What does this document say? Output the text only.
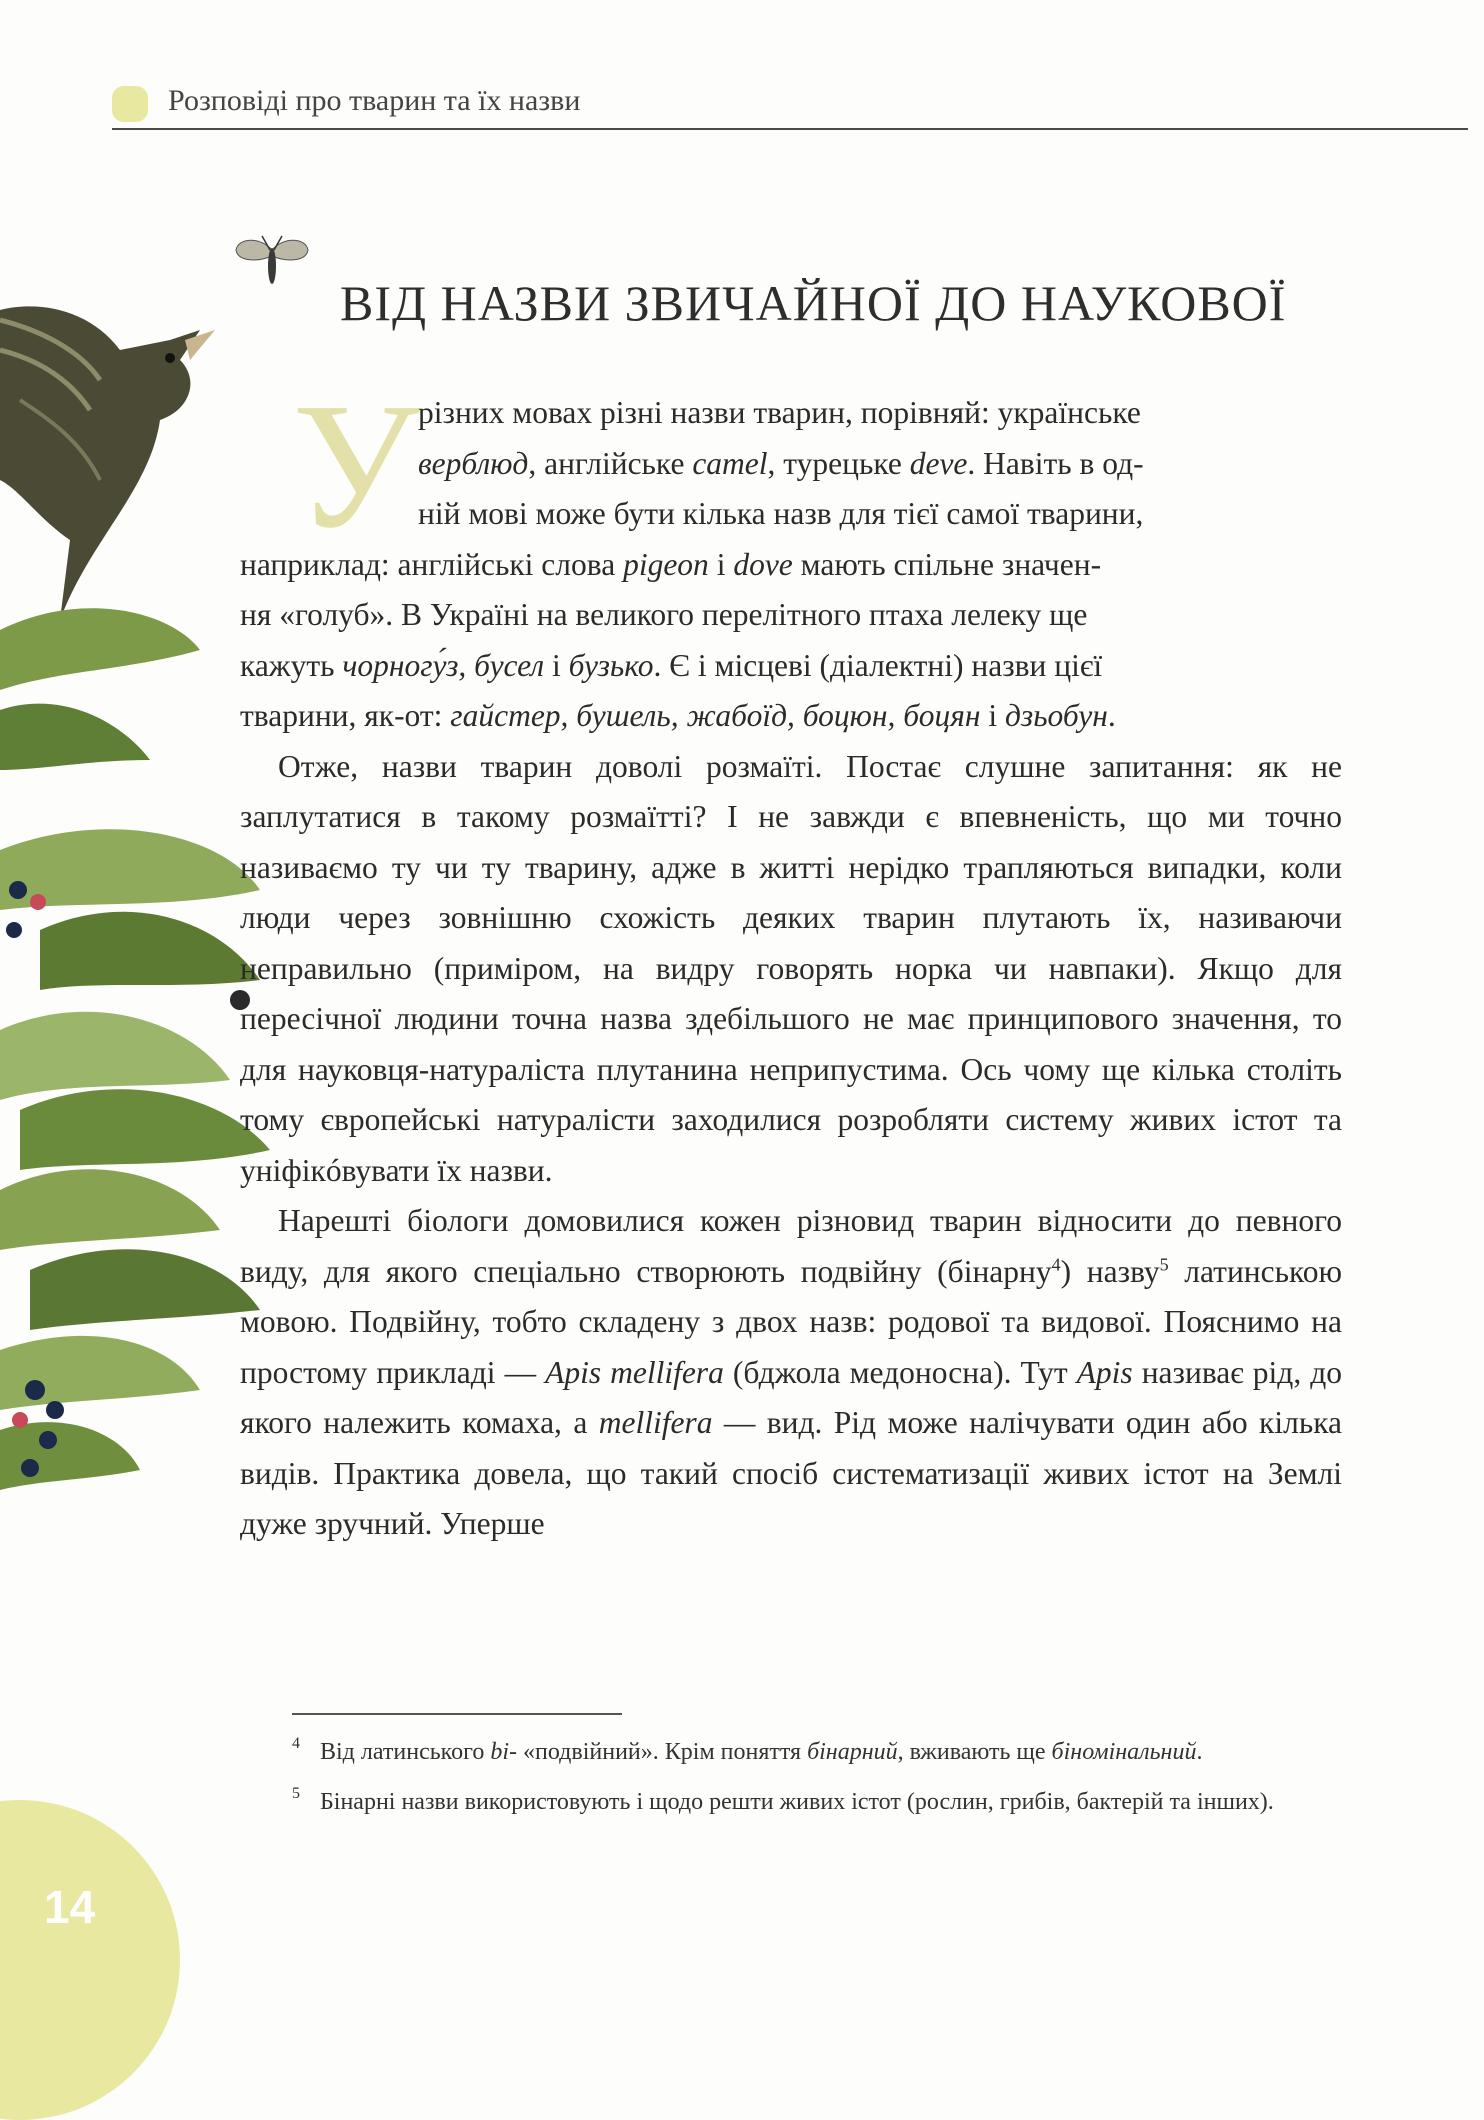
Розповіді про тварин та їх назви
ВІД НАЗВИ ЗВИЧАЙНОЇ ДО НАУКОВОЇ
У

різних мовах різні назви тварин, порівняй: українське
верблюд, англійське camel, турецьке deve. Навіть в од-
ній мові може бути кілька назв для тієї самої тварини,
наприклад: англійські слова pigeon і dove мають спільне значен-
ня «голуб». В Україні на великого перелітного птаха лелеку ще
кажуть чорногу́з, бусел і бузько. Є і місцеві (діалектні) назви цієї
тварини, як-от: гайстер, бушель, жабоїд, боцюн, боцян і дзьобун.

Отже, назви тварин доволі розмаїті. Постає слушне запитання: як не заплутатися в такому розмаїтті? І не завжди є впевненість, що ми точно називаємо ту чи ту тварину, адже в житті нерідко трапляються випадки, коли люди через зовнішню схожість деяких тварин плутають їх, називаючи неправильно (приміром, на видру говорять норка чи навпаки). Якщо для пересічної людини точна назва здебільшого не має принципового значення, то для науковця-натураліста плутанина неприпустима. Ось чому ще кілька століть тому європейські натуралісти заходилися розробляти систему живих істот та уніфікóвувати їх назви.

Нарешті біологи домовилися кожен різновид тварин відносити до певного виду, для якого спеціально створюють подвійну (бінарну$^4$) назву$^5$ латинською мовою. Подвійну, тобто складену з двох назв: родової та видової. Пояснимо на простому прикладі — Apis mellifera (бджола медоносна). Тут Apis називає рід, до якого належить комаха, а mellifera — вид. Рід може налічувати один або кілька видів. Практика довела, що такий спосіб систематизації живих істот на Землі дуже зручний. Уперше

4 Від латинського bi- «подвійний». Крім поняття бінарний, вживають ще біномінальний.
5 Бінарні назви використовують і щодо решти живих істот (рослин, грибів, бактерій та інших).
14
